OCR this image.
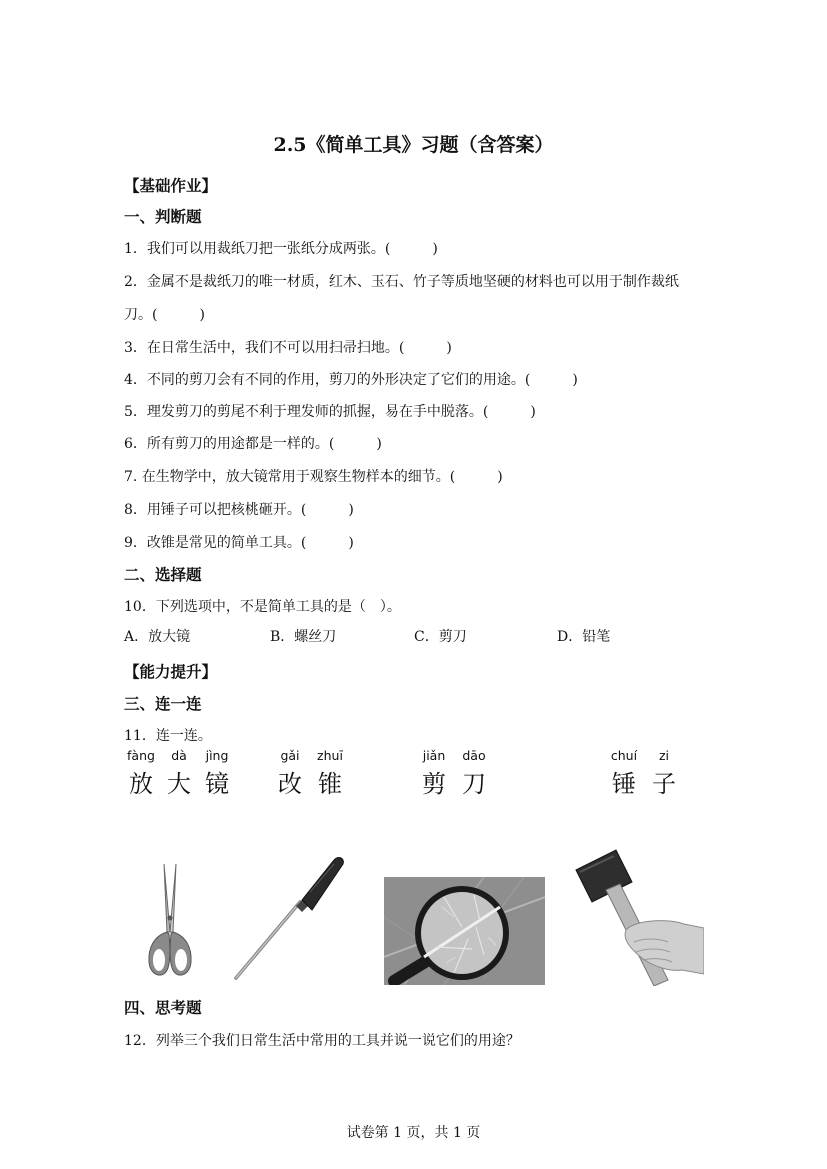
2.5《简单工具》习题（含答案）
【基础作业】
一、判断题
1．我们可以用裁纸刀把一张纸分成两张。(	)
2．金属不是裁纸刀的唯一材质，红木、玉石、竹子等质地坚硬的材料也可以用于制作裁纸
刀。(	)
3．在日常生活中，我们不可以用扫帚扫地。(	)
4．不同的剪刀会有不同的作用，剪刀的外形决定了它们的用途。(	)
5．理发剪刀的剪尾不利于理发师的抓握，易在手中脱落。(	)
6．所有剪刀的用途都是一样的。(	)
7. 在生物学中，放大镜常用于观察生物样本的细节。(	)
8．用锤子可以把核桃砸开。(	)
9．改锥是常见的简单工具。(	)
二、选择题
10．下列选项中，不是简单工具的是（　）。
A．放大镜	B．螺丝刀	C．剪刀	D．铅笔
【能力提升】
三、连一连
11．连一连。
fàng	dà	jìng
放 大 镜
gǎi	zhuī
改 锥
jiǎn	dāo
剪 刀
chuí	zi
锤 子
四、思考题
12．列举三个我们日常生活中常用的工具并说一说它们的用途？
试卷第 1 页，共 1 页
